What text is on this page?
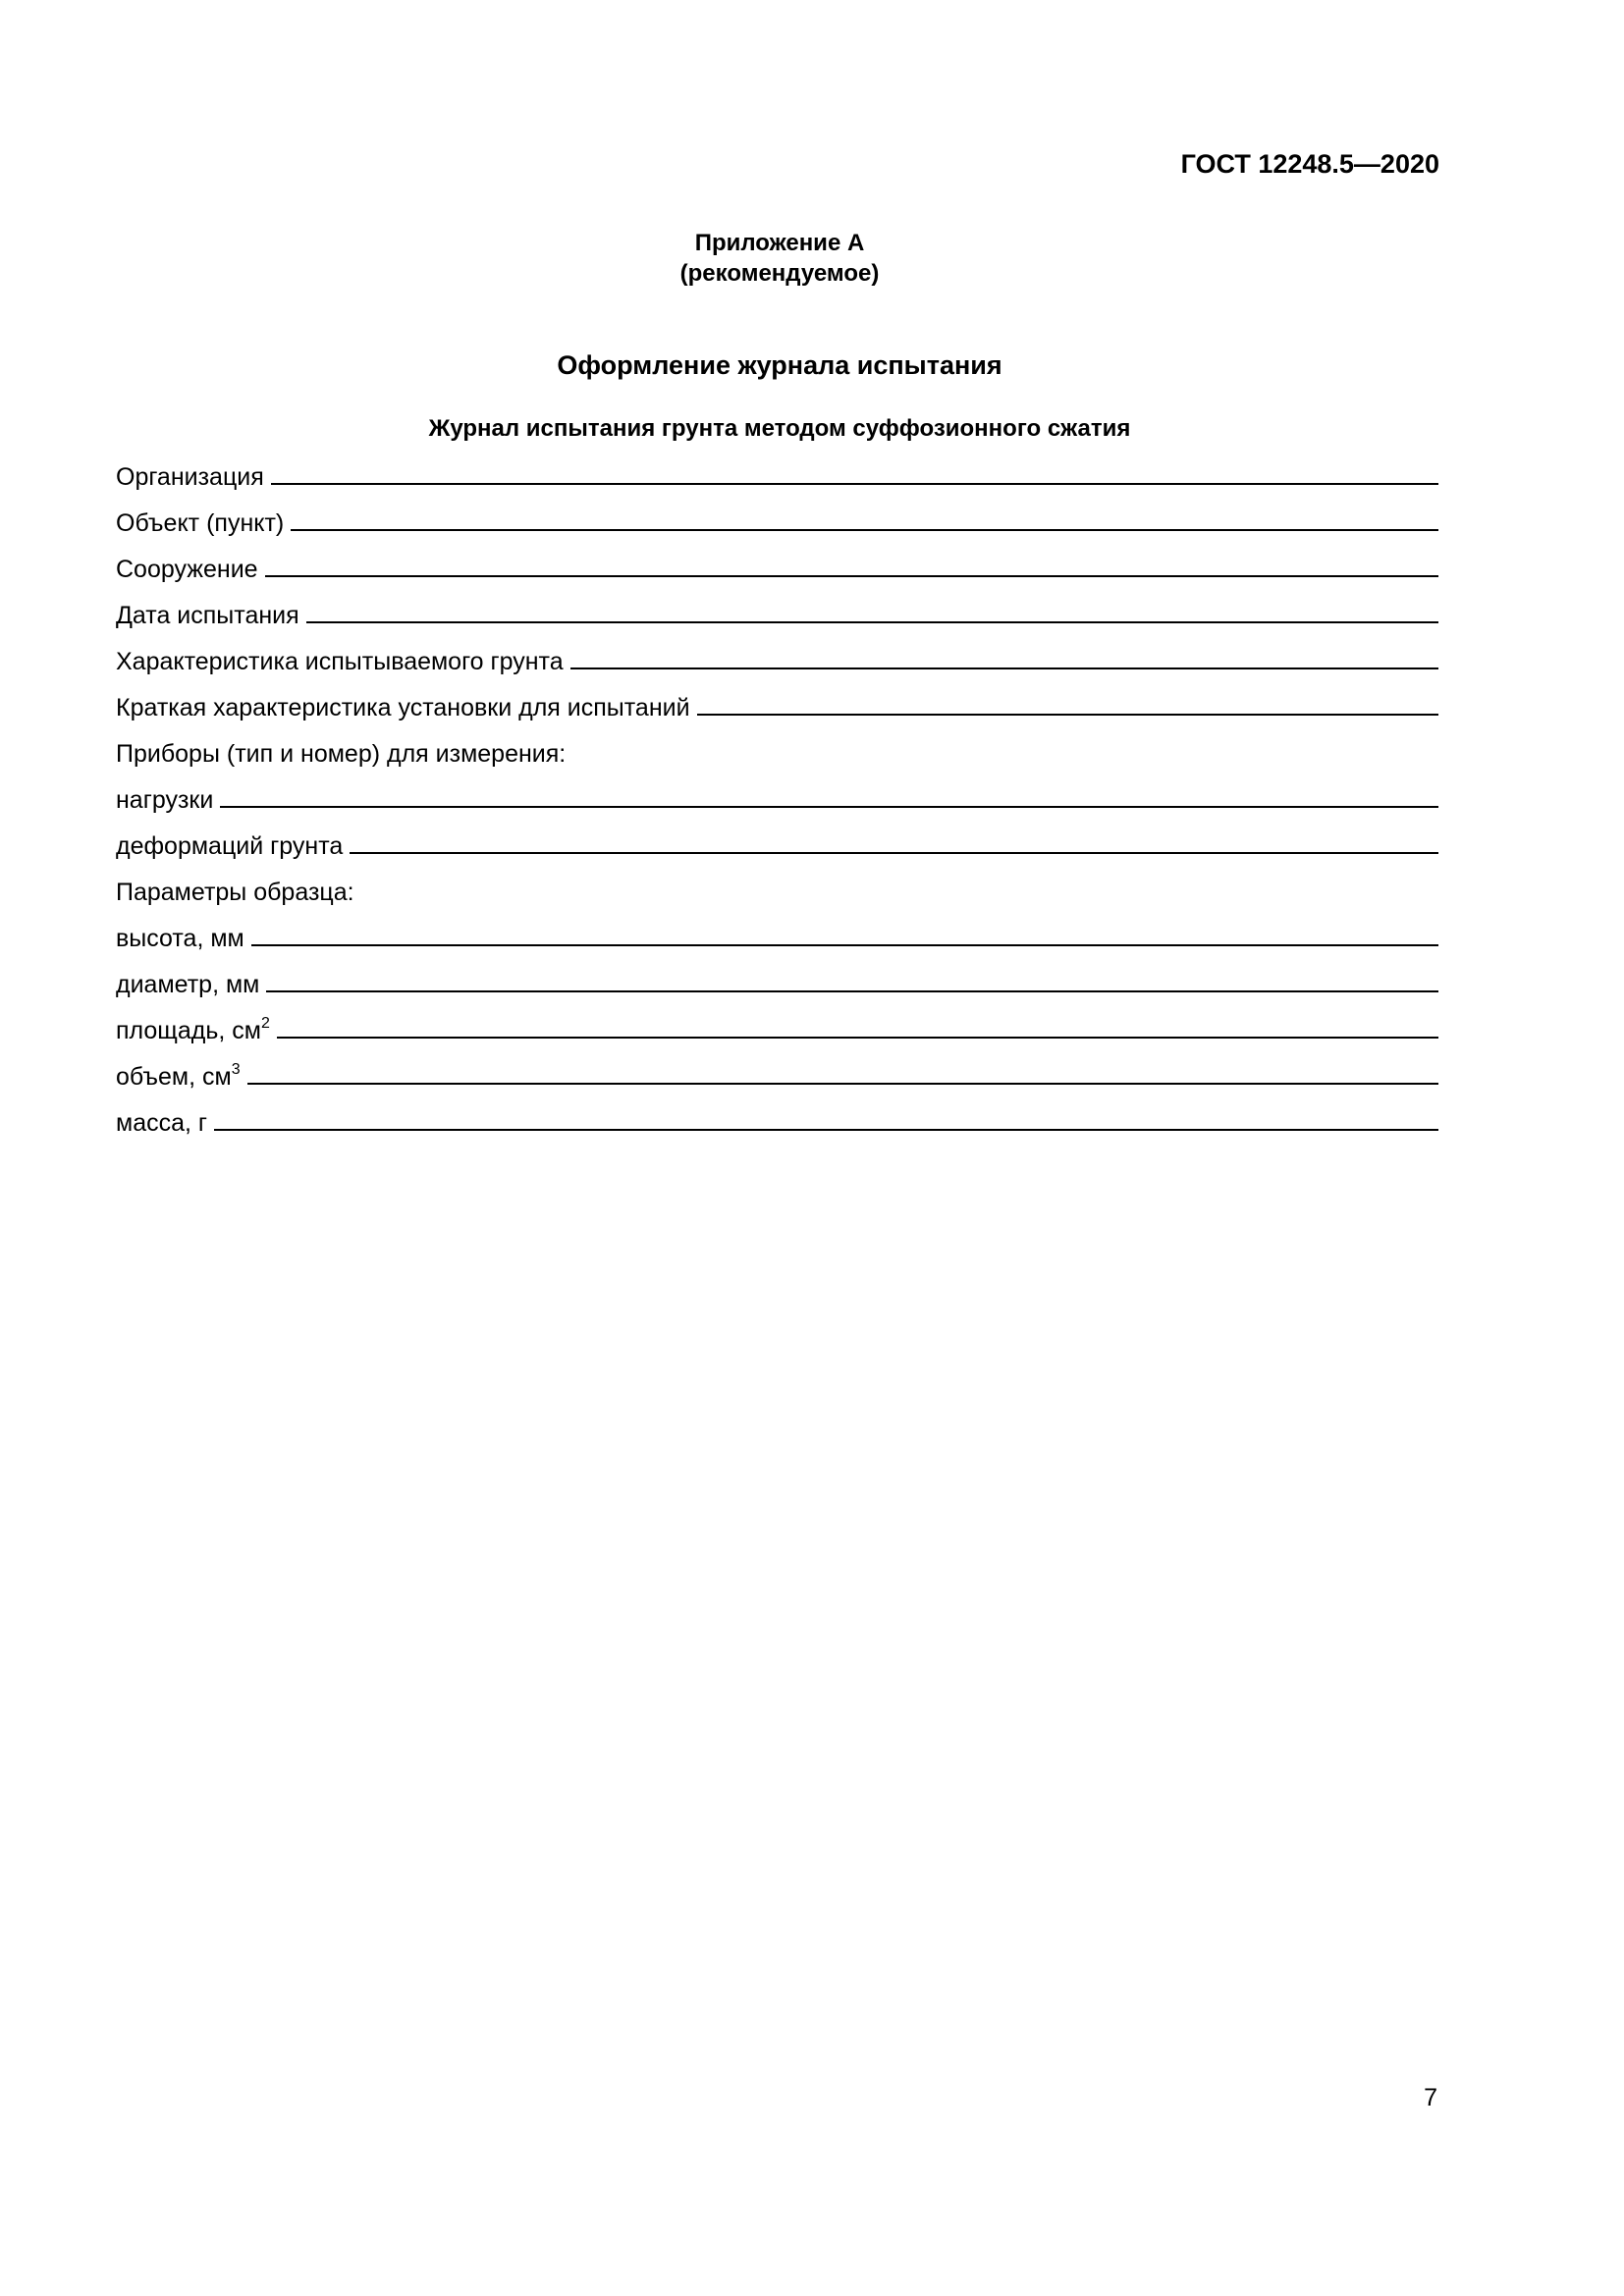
ГОСТ 12248.5—2020
Приложение А
(рекомендуемое)
Оформление журнала испытания
Журнал испытания грунта методом суффозионного сжатия
Организация
Объект (пункт)
Сооружение
Дата испытания
Характеристика испытываемого грунта
Краткая характеристика установки для испытаний
Приборы (тип и номер) для измерения:
нагрузки
деформаций грунта
Параметры образца:
высота, мм
диаметр, мм
площадь, $см^2$
объем, $см^3$
масса, г
7
